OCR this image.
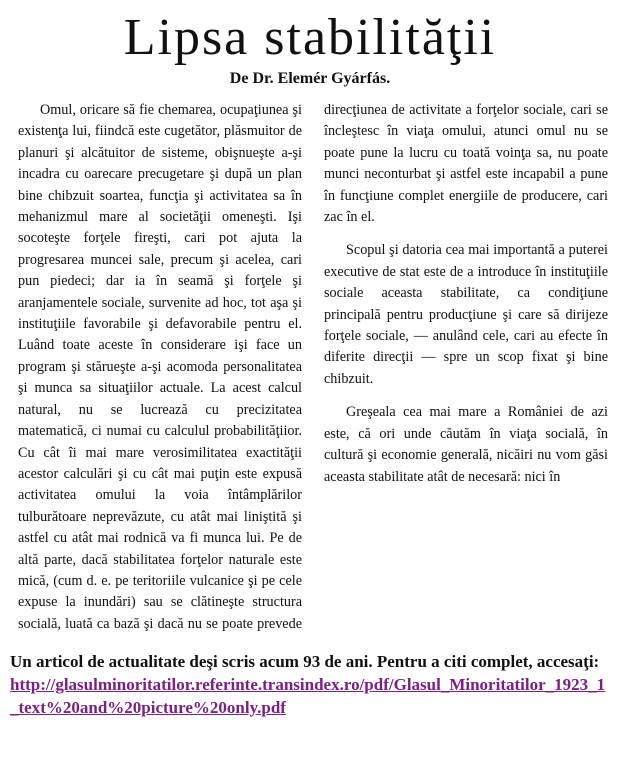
Lipsa stabilităţii
De Dr. Elemér Gyárfás.

Omul, oricare să fie chemarea, ocupaţiunea şi existenţa lui, fiindcă este cugetător, plăsmuitor de planuri şi alcătuitor de sisteme, obişnueşte a-şi incadra cu oarecare precugetare şi după un plan bine chibzuit soartea, funcţia şi activitatea sa în mehanizmul mare al societăţii omeneşti. Işi socoteşte forţele fireşti, cari pot ajuta la progresarea muncei sale, precum şi acelea, cari pun piedeci; dar ia în seamă şi forţele şi aranjamentele sociale, survenite ad hoc, tot aşa şi instituţiile favorabile şi defavorabile pentru el. Luând toate aceste în considerare işi face un program şi stărueşte a-şi acomoda personalitatea şi munca sa situaţiilor actuale. La acest calcul natural, nu se lucrează cu precizitatea matematică, ci numai cu calculul probabilităţiior. Cu cât îi mai mare verosimilitatea exactităţii acestor calculări şi cu cât mai puţin este expusă activitatea omului la voia întâmplărilor tulburătoare neprevăzute, cu atât mai liniştită şi astfel cu atât mai rodnică va fi munca lui. Pe de altă parte, dacă stabilitatea forţelor naturale este mică, (cum d. e. pe teritoriile vulcanice şi pe cele expuse la inundări) sau se clătineşte structura socială, luată ca bază şi dacă nu se poate prevede direcţiunea de activitate a forţelor sociale, cari se încleştesc în viaţa omului, atunci omul nu se poate pune la lucru cu toată voinţa sa, nu poate munci neconturbat şi astfel este incapabil a pune în funcţiune complet energiile de producere, cari zac în el.

Scopul şi datoria cea mai importantă a puterei executive de stat este de a introduce în instituţiile sociale aceasta stabilitate, ca condiţiune principală pentru producţiune şi care să dirijeze forţele sociale, — anulând cele, cari au efecte în diferite direcţii — spre un scop fixat şi bine chibzuit.

Greşeala cea mai mare a României de azi este, că ori unde căutăm în viaţa socială, în cultură şi economie generală, nicăiri nu vom găsi aceasta stabilitate atât de necesară: nici în

Un articol de actualitate deşi scris acum 93 de ani. Pentru a citi complet, accesaţi:
http://glasulminoritatilor.referinte.transindex.ro/pdf/Glasul_Minoritatilor_1923_1_text%20and%20picture%20only.pdf
